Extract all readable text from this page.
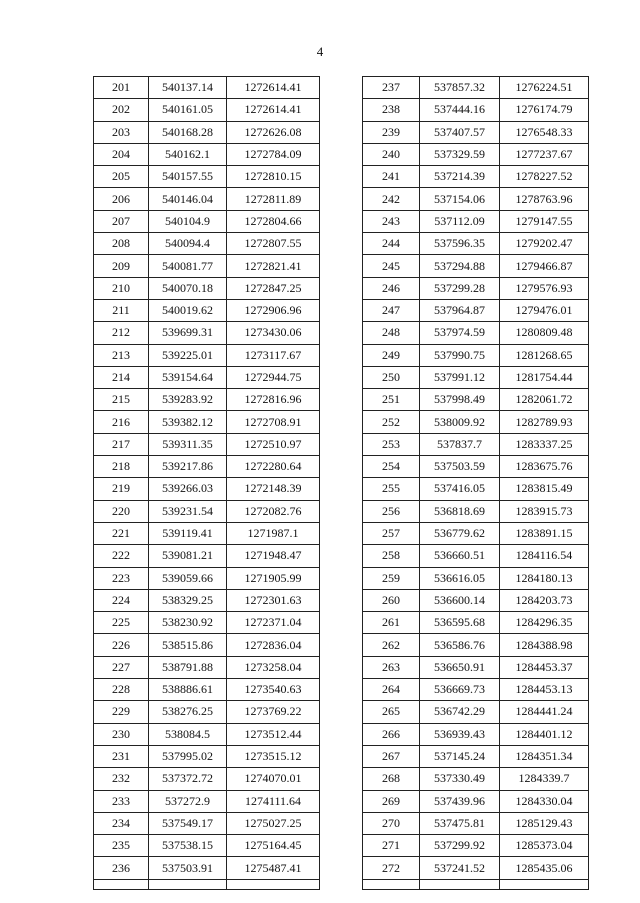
4
201	540137.14	1272614.41
202	540161.05	1272614.41
203	540168.28	1272626.08
204	540162.1	1272784.09
205	540157.55	1272810.15
206	540146.04	1272811.89
207	540104.9	1272804.66
208	540094.4	1272807.55
209	540081.77	1272821.41
210	540070.18	1272847.25
211	540019.62	1272906.96
212	539699.31	1273430.06
213	539225.01	1273117.67
214	539154.64	1272944.75
215	539283.92	1272816.96
216	539382.12	1272708.91
217	539311.35	1272510.97
218	539217.86	1272280.64
219	539266.03	1272148.39
220	539231.54	1272082.76
221	539119.41	1271987.1
222	539081.21	1271948.47
223	539059.66	1271905.99
224	538329.25	1272301.63
225	538230.92	1272371.04
226	538515.86	1272836.04
227	538791.88	1273258.04
228	538886.61	1273540.63
229	538276.25	1273769.22
230	538084.5	1273512.44
231	537995.02	1273515.12
232	537372.72	1274070.01
233	537272.9	1274111.64
234	537549.17	1275027.25
235	537538.15	1275164.45
236	537503.91	1275487.41

237	537857.32	1276224.51
238	537444.16	1276174.79
239	537407.57	1276548.33
240	537329.59	1277237.67
241	537214.39	1278227.52
242	537154.06	1278763.96
243	537112.09	1279147.55
244	537596.35	1279202.47
245	537294.88	1279466.87
246	537299.28	1279576.93
247	537964.87	1279476.01
248	537974.59	1280809.48
249	537990.75	1281268.65
250	537991.12	1281754.44
251	537998.49	1282061.72
252	538009.92	1282789.93
253	537837.7	1283337.25
254	537503.59	1283675.76
255	537416.05	1283815.49
256	536818.69	1283915.73
257	536779.62	1283891.15
258	536660.51	1284116.54
259	536616.05	1284180.13
260	536600.14	1284203.73
261	536595.68	1284296.35
262	536586.76	1284388.98
263	536650.91	1284453.37
264	536669.73	1284453.13
265	536742.29	1284441.24
266	536939.43	1284401.12
267	537145.24	1284351.34
268	537330.49	1284339.7
269	537439.96	1284330.04
270	537475.81	1285129.43
271	537299.92	1285373.04
272	537241.52	1285435.06
